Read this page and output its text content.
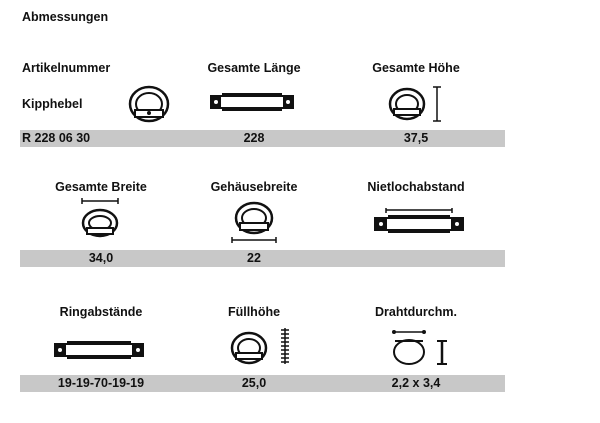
Abmessungen
Artikelnummer	Gesamte Länge	Gesamte Höhe
Kipphebel
R 228 06 30	228	37,5
Gesamte Breite	Gehäusebreite	Nietlochabstand
34,0	22
Ringabstände	Füllhöhe	Drahtdurchm.
19-19-70-19-19	25,0	2,2 x 3,4
